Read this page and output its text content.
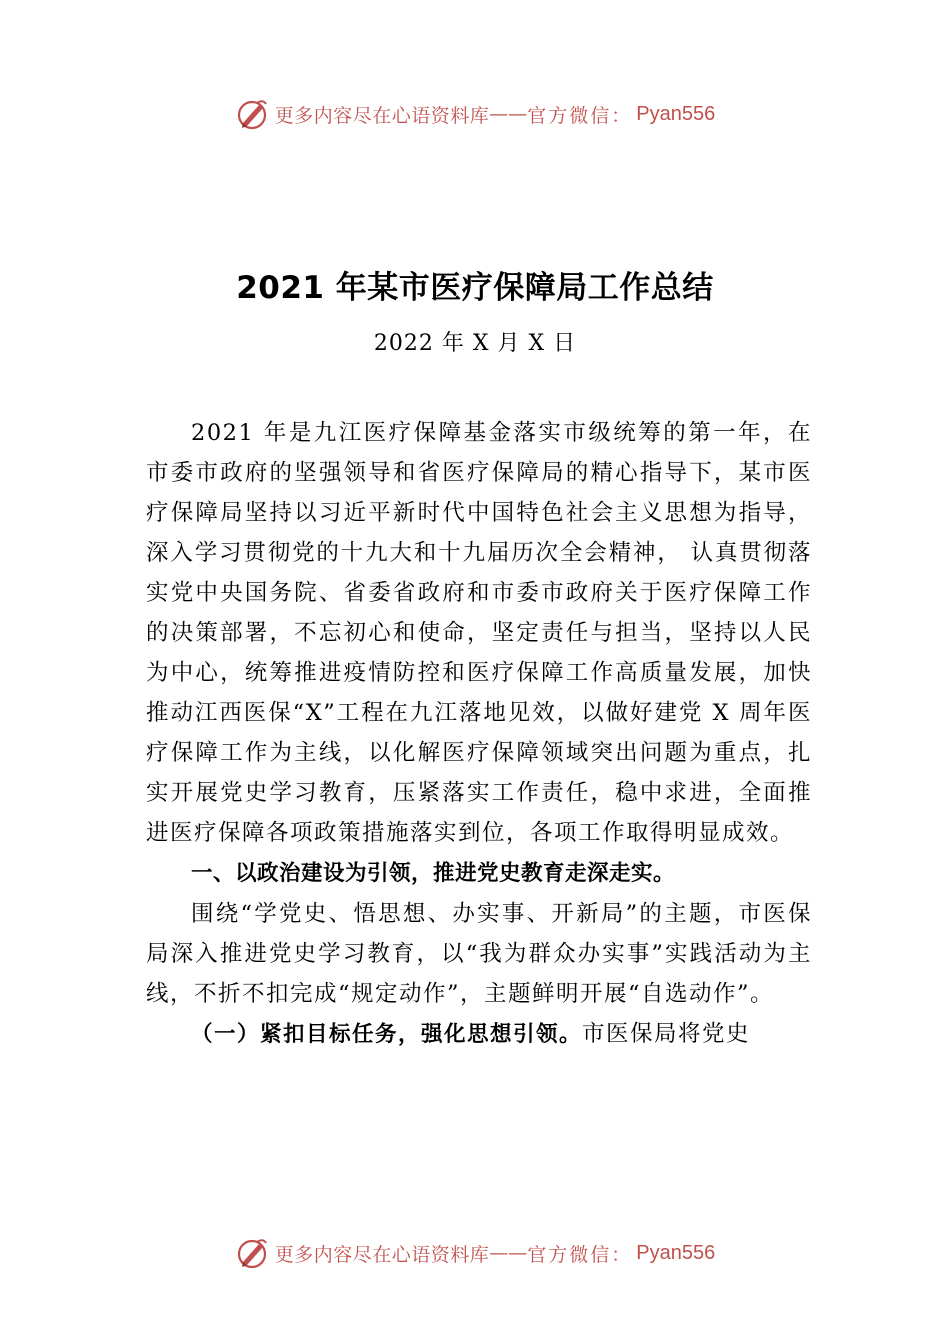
更多内容尽在心语资料库 —— 官方微信： Pyan556
2021 年某市医疗保障局工作总结
2022 年 X 月 X 日

2021 年是九江医疗保障基金落实市级统筹的第一年，在市委市政府的坚强领导和省医疗保障局的精心指导下，某市医疗保障局坚持以习近平新时代中国特色社会主义思想为指导，深入学习贯彻党的十九大和十九届历次全会精神， 认真贯彻落实党中央国务院、省委省政府和市委市政府关于医疗保障工作的决策部署，不忘初心和使命，坚定责任与担当，坚持以人民为中心，统筹推进疫情防控和医疗保障工作高质量发展，加快推动江西医保“X”工程在九江落地见效，以做好建党 X 周年医疗保障工作为主线，以化解医疗保障领域突出问题为重点，扎实开展党史学习教育，压紧落实工作责任，稳中求进，全面推进医疗保障各项政策措施落实到位，各项工作取得明显成效。

一、以政治建设为引领，推进党史教育走深走实。

围绕“学党史、悟思想、办实事、开新局”的主题，市医保局深入推进党史学习教育，以“我为群众办实事”实践活动为主线，不折不扣完成“规定动作”，主题鲜明开展“自选动作”。

（一）紧扣目标任务，强化思想引领。市医保局将党史

更多内容尽在心语资料库 —— 官方微信： Pyan556
